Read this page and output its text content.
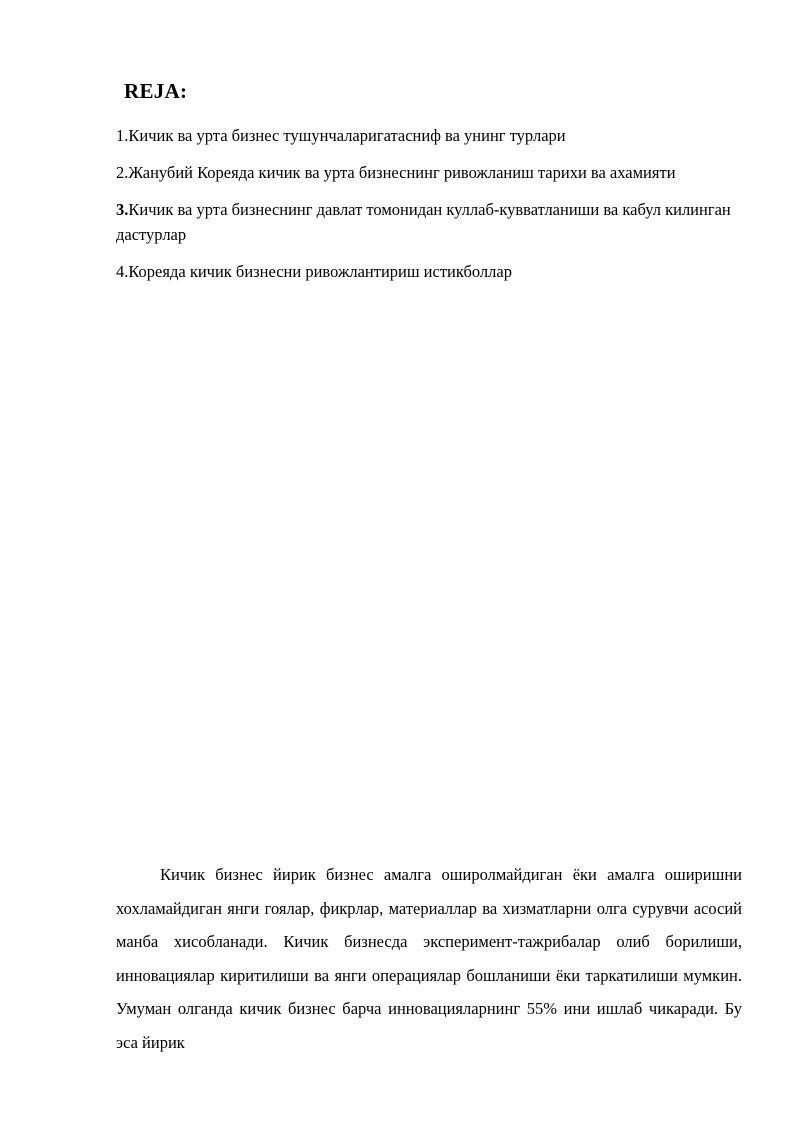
REJA:
1.Кичик ва урта бизнес тушунчаларигатасниф ва унинг турлари
2.Жанубий Кореяда кичик ва урта бизнеснинг ривожланиш тарихи ва ахамияти
3.Кичик ва урта бизнеснинг давлат томонидан куллаб-кувватланиши ва кабул килинган дастурлар
4.Кореяда кичик бизнесни ривожлантириш истикболлар

Кичик бизнес йирик бизнес амалга оширолмайдиган ёки амалга оширишни хохламайдиган янги гоялар, фикрлар, материаллар ва хизматларни олга сурувчи асосий манба хисобланади. Кичик бизнесда эксперимент-тажрибалар олиб борилиши, инновациялар киритилиши ва янги операциялар бошланиши ёки таркатилиши мумкин. Умуман олганда кичик бизнес барча инновацияларнинг 55% ини ишлаб чикаради. Бу эса йирик
